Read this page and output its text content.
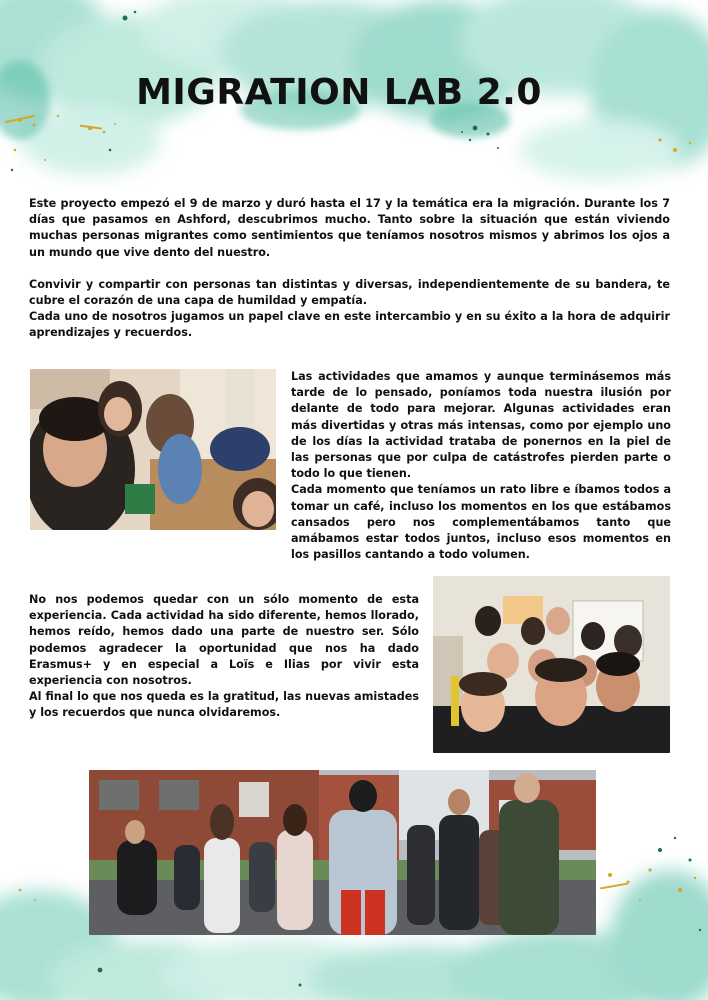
MIGRATION LAB 2.0

Este proyecto empezó el 9 de marzo y duró hasta el 17 y la temática era la migración. Durante los 7 días que pasamos en Ashford, descubrimos mucho. Tanto sobre la situación que están viviendo muchas personas migrantes como sentimientos que teníamos nosotros mismos y abrimos los ojos a un mundo que vive dento del nuestro.

Convivir y compartir con personas tan distintas y diversas, independientemente de su bandera, te cubre el corazón de una capa de humildad y empatía.

Cada uno de nosotros jugamos un papel clave en este intercambio y en su éxito a la hora de adquirir aprendizajes y recuerdos.

Las actividades que amamos y aunque terminásemos más tarde de lo pensado, poníamos toda nuestra ilusión por delante de todo para mejorar. Algunas actividades eran más divertidas y otras más intensas, como por ejemplo uno de los días la actividad trataba de ponernos en la piel de las personas que por culpa de catástrofes pierden parte o todo lo que tienen.

Cada momento que teníamos un rato libre e íbamos todos a tomar un café, incluso los momentos en los que estábamos cansados pero nos complementábamos tanto que amábamos estar todos juntos, incluso esos momentos en los pasillos cantando a todo volumen.

No nos podemos quedar con un sólo momento de esta experiencia. Cada actividad ha sido diferente, hemos llorado, hemos reído, hemos dado una parte de nuestro ser. Sólo podemos agradecer la oportunidad que nos ha dado Erasmus+ y en especial a Loïs e Ilias por vivir esta experiencia con nosotros.

Al final lo que nos queda es la gratitud, las nuevas amistades y los recuerdos que nunca olvidaremos.
